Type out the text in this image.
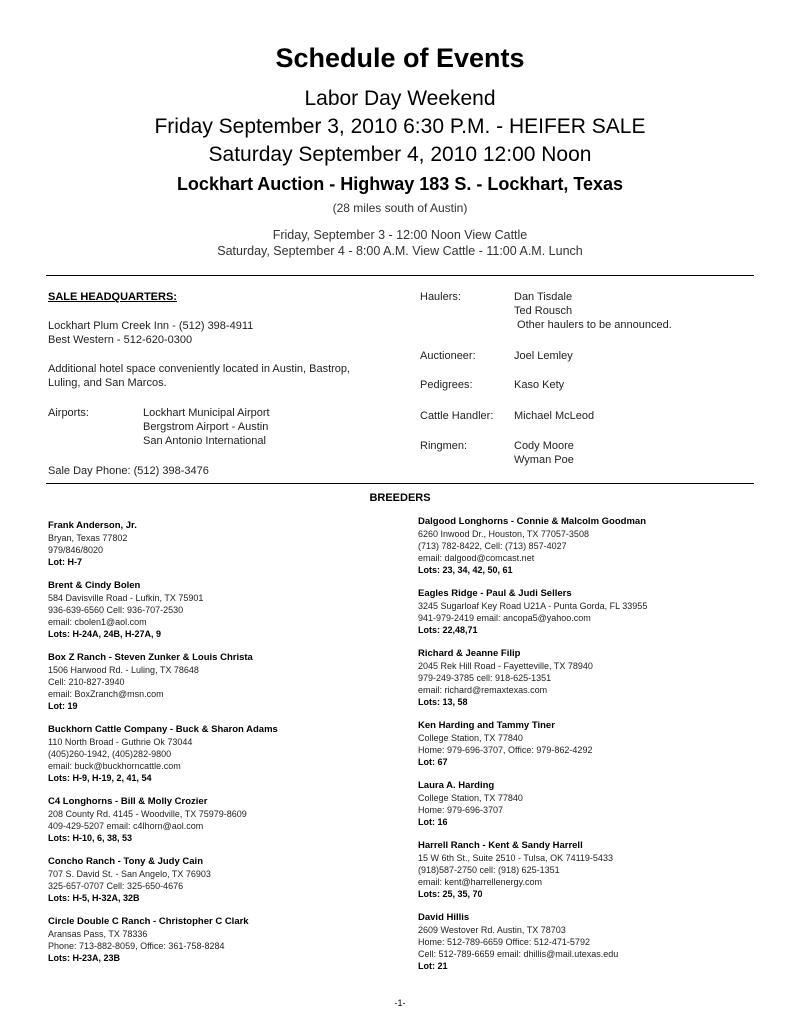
Schedule of Events
Labor Day Weekend
Friday September 3, 2010 6:30 P.M. - HEIFER SALE
Saturday September 4, 2010 12:00 Noon
Lockhart Auction - Highway 183 S. - Lockhart, Texas
(28 miles south of Austin)
Friday, September 3 - 12:00 Noon View Cattle
Saturday, September 4 - 8:00 A.M. View Cattle - 11:00 A.M. Lunch
SALE HEADQUARTERS:
Lockhart Plum Creek Inn - (512) 398-4911
Best Western - 512-620-0300
Additional hotel space conveniently located in Austin, Bastrop,
Luling, and San Marcos.
Airports:	Lockhart Municipal Airport
Bergstrom Airport - Austin
San Antonio International
Sale Day Phone: (512) 398-3476
Haulers:	Dan Tisdale
Ted Rousch
Other haulers to be announced.
Auctioneer:	Joel Lemley
Pedigrees:	Kaso Kety
Cattle Handler: Michael McLeod
Ringmen:	Cody Moore
Wyman Poe
BREEDERS
Frank Anderson, Jr.
Bryan, Texas 77802
979/846/8020
Lot: H-7
Brent & Cindy Bolen
584 Davisville Road - Lufkin, TX 75901
936-639-6560 Cell: 936-707-2530
email: cbolen1@aol.com
Lots: H-24A, 24B, H-27A, 9
Box Z Ranch - Steven Zunker & Louis Christa
1506 Harwood Rd. - Luling, TX 78648
Cell: 210-827-3940
email: BoxZranch@msn.com
Lot: 19
Buckhorn Cattle Company - Buck & Sharon Adams
110 North Broad - Guthrie Ok 73044
(405)260-1942, (405)282-9800
email: buck@buckhorncattle.com
Lots: H-9, H-19, 2, 41, 54
C4 Longhorns - Bill & Molly Crozier
208 County Rd. 4145 - Woodville, TX 75979-8609
409-429-5207 email: c4lhorn@aol.com
Lots: H-10, 6, 38, 53
Concho Ranch - Tony & Judy Cain
707 S. David St. - San Angelo, TX 76903
325-657-0707 Cell: 325-650-4676
Lots: H-5, H-32A, 32B
Circle Double C Ranch - Christopher C Clark
Aransas Pass, TX 78336
Phone: 713-882-8059, Office: 361-758-8284
Lots: H-23A, 23B
Dalgood Longhorns - Connie & Malcolm Goodman
6260 Inwood Dr., Houston, TX 77057-3508
(713) 782-8422, Cell: (713) 857-4027
email: dalgood@comcast.net
Lots: 23, 34, 42, 50, 61
Eagles Ridge - Paul & Judi Sellers
3245 Sugarloaf Key Road U21A - Punta Gorda, FL 33955
941-979-2419 email: ancopa5@yahoo.com
Lots: 22,48,71
Richard & Jeanne Filip
2045 Rek Hill Road - Fayetteville, TX 78940
979-249-3785 cell: 918-625-1351
email: richard@remaxtexas.com
Lots: 13, 58
Ken Harding and Tammy Tiner
College Station, TX 77840
Home: 979-696-3707, Office: 979-862-4292
Lot: 67
Laura A. Harding
College Station, TX 77840
Home: 979-696-3707
Lot: 16
Harrell Ranch - Kent & Sandy Harrell
15 W 6th St., Suite 2510 - Tulsa, OK 74119-5433
(918)587-2750 cell: (918) 625-1351
email: kent@harrellenergy.com
Lots: 25, 35, 70
David Hillis
2609 Westover Rd. Austin, TX 78703
Home: 512-789-6659 Office: 512-471-5792
Cell: 512-789-6659 email: dhillis@mail.utexas.edu
Lot: 21
-1-
